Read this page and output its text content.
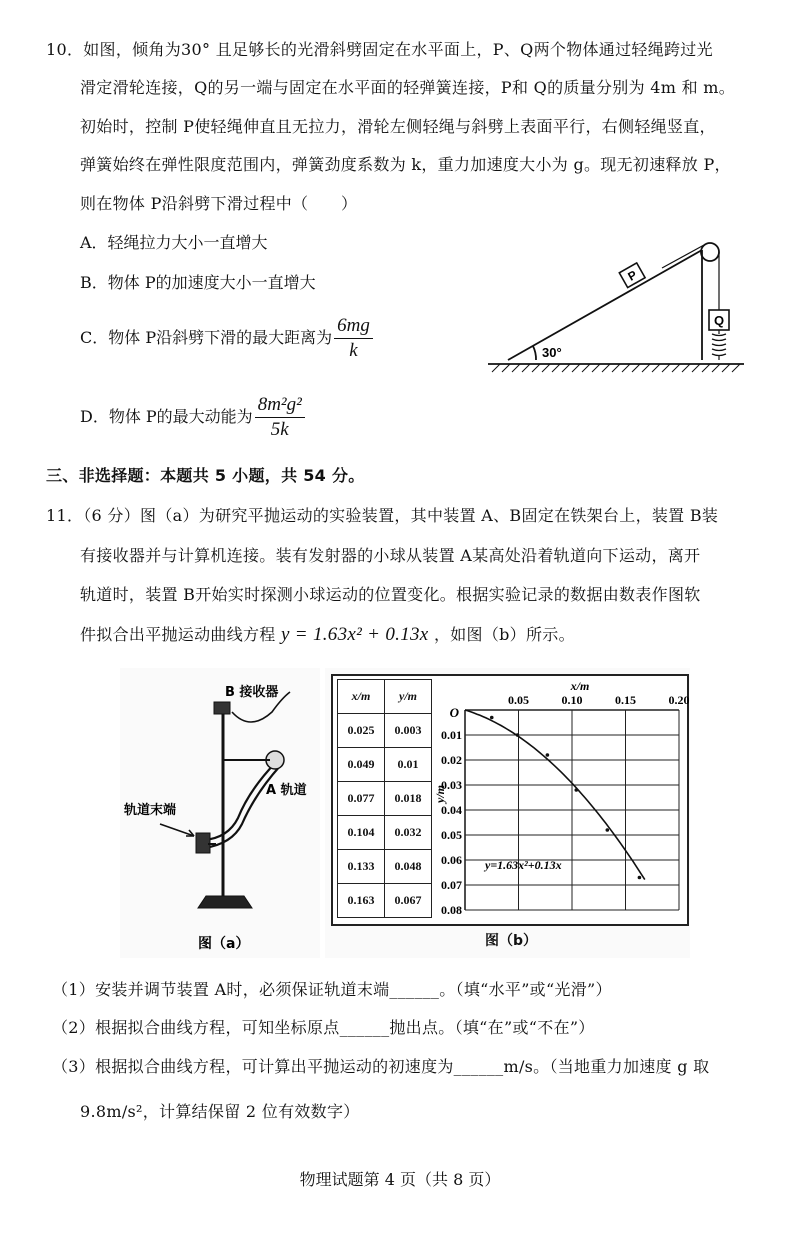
10．如图，倾角为30° 且足够长的光滑斜劈固定在水平面上，P、Q两个物体通过轻绳跨过光
滑定滑轮连接，Q的另一端与固定在水平面的轻弹簧连接，P和 Q的质量分别为 4m 和 m。
初始时，控制 P使轻绳伸直且无拉力，滑轮左侧轻绳与斜劈上表面平行，右侧轻绳竖直，
弹簧始终在弹性限度范围内，弹簧劲度系数为 k，重力加速度大小为 g。现无初速释放 P，
则在物体 P沿斜劈下滑过程中（　　）
A．轻绳拉力大小一直增大
B．物体 P的加速度大小一直增大
C．物体 P沿斜劈下滑的最大距离为 $\frac{6mg}{k}$
D．物体 P的最大动能为 $\frac{\text{8m²g²}}{5k}$
P
Q
30°
三、非选择题：本题共 5 小题，共 54 分。
11．（6 分）图（a）为研究平抛运动的实验装置，其中装置 A、B固定在铁架台上，装置 B装
有接收器并与计算机连接。装有发射器的小球从装置 A某高处沿着轨道向下运动，离开
轨道时，装置 B开始实时探测小球运动的位置变化。根据实验记录的数据由数表作图软
件拟合出平抛运动曲线方程 y = 1.63x² + 0.13x ，如图（b）所示。
B 接收器
A 轨道
轨道末端
图（a）
x/m	y/m
0.025	0.003
0.049	0.01
0.077	0.018
0.104	0.032
0.133	0.048
0.163	0.067
0.05	0.10	0.15	0.20
0.01
0.02
0.03
0.04
0.05
0.06
0.07
0.08
x/m
y/m
O
y=1.63x²+0.13x
图（b）
（1）安装并调节装置 A时，必须保证轨道末端______。（填“水平”或“光滑”）
（2）根据拟合曲线方程，可知坐标原点______抛出点。（填“在”或“不在”）
（3）根据拟合曲线方程，可计算出平抛运动的初速度为______m/s。（当地重力加速度 g 取
9.8m/s²，计算结保留 2 位有效数字）
物理试题第 4 页（共 8 页）
